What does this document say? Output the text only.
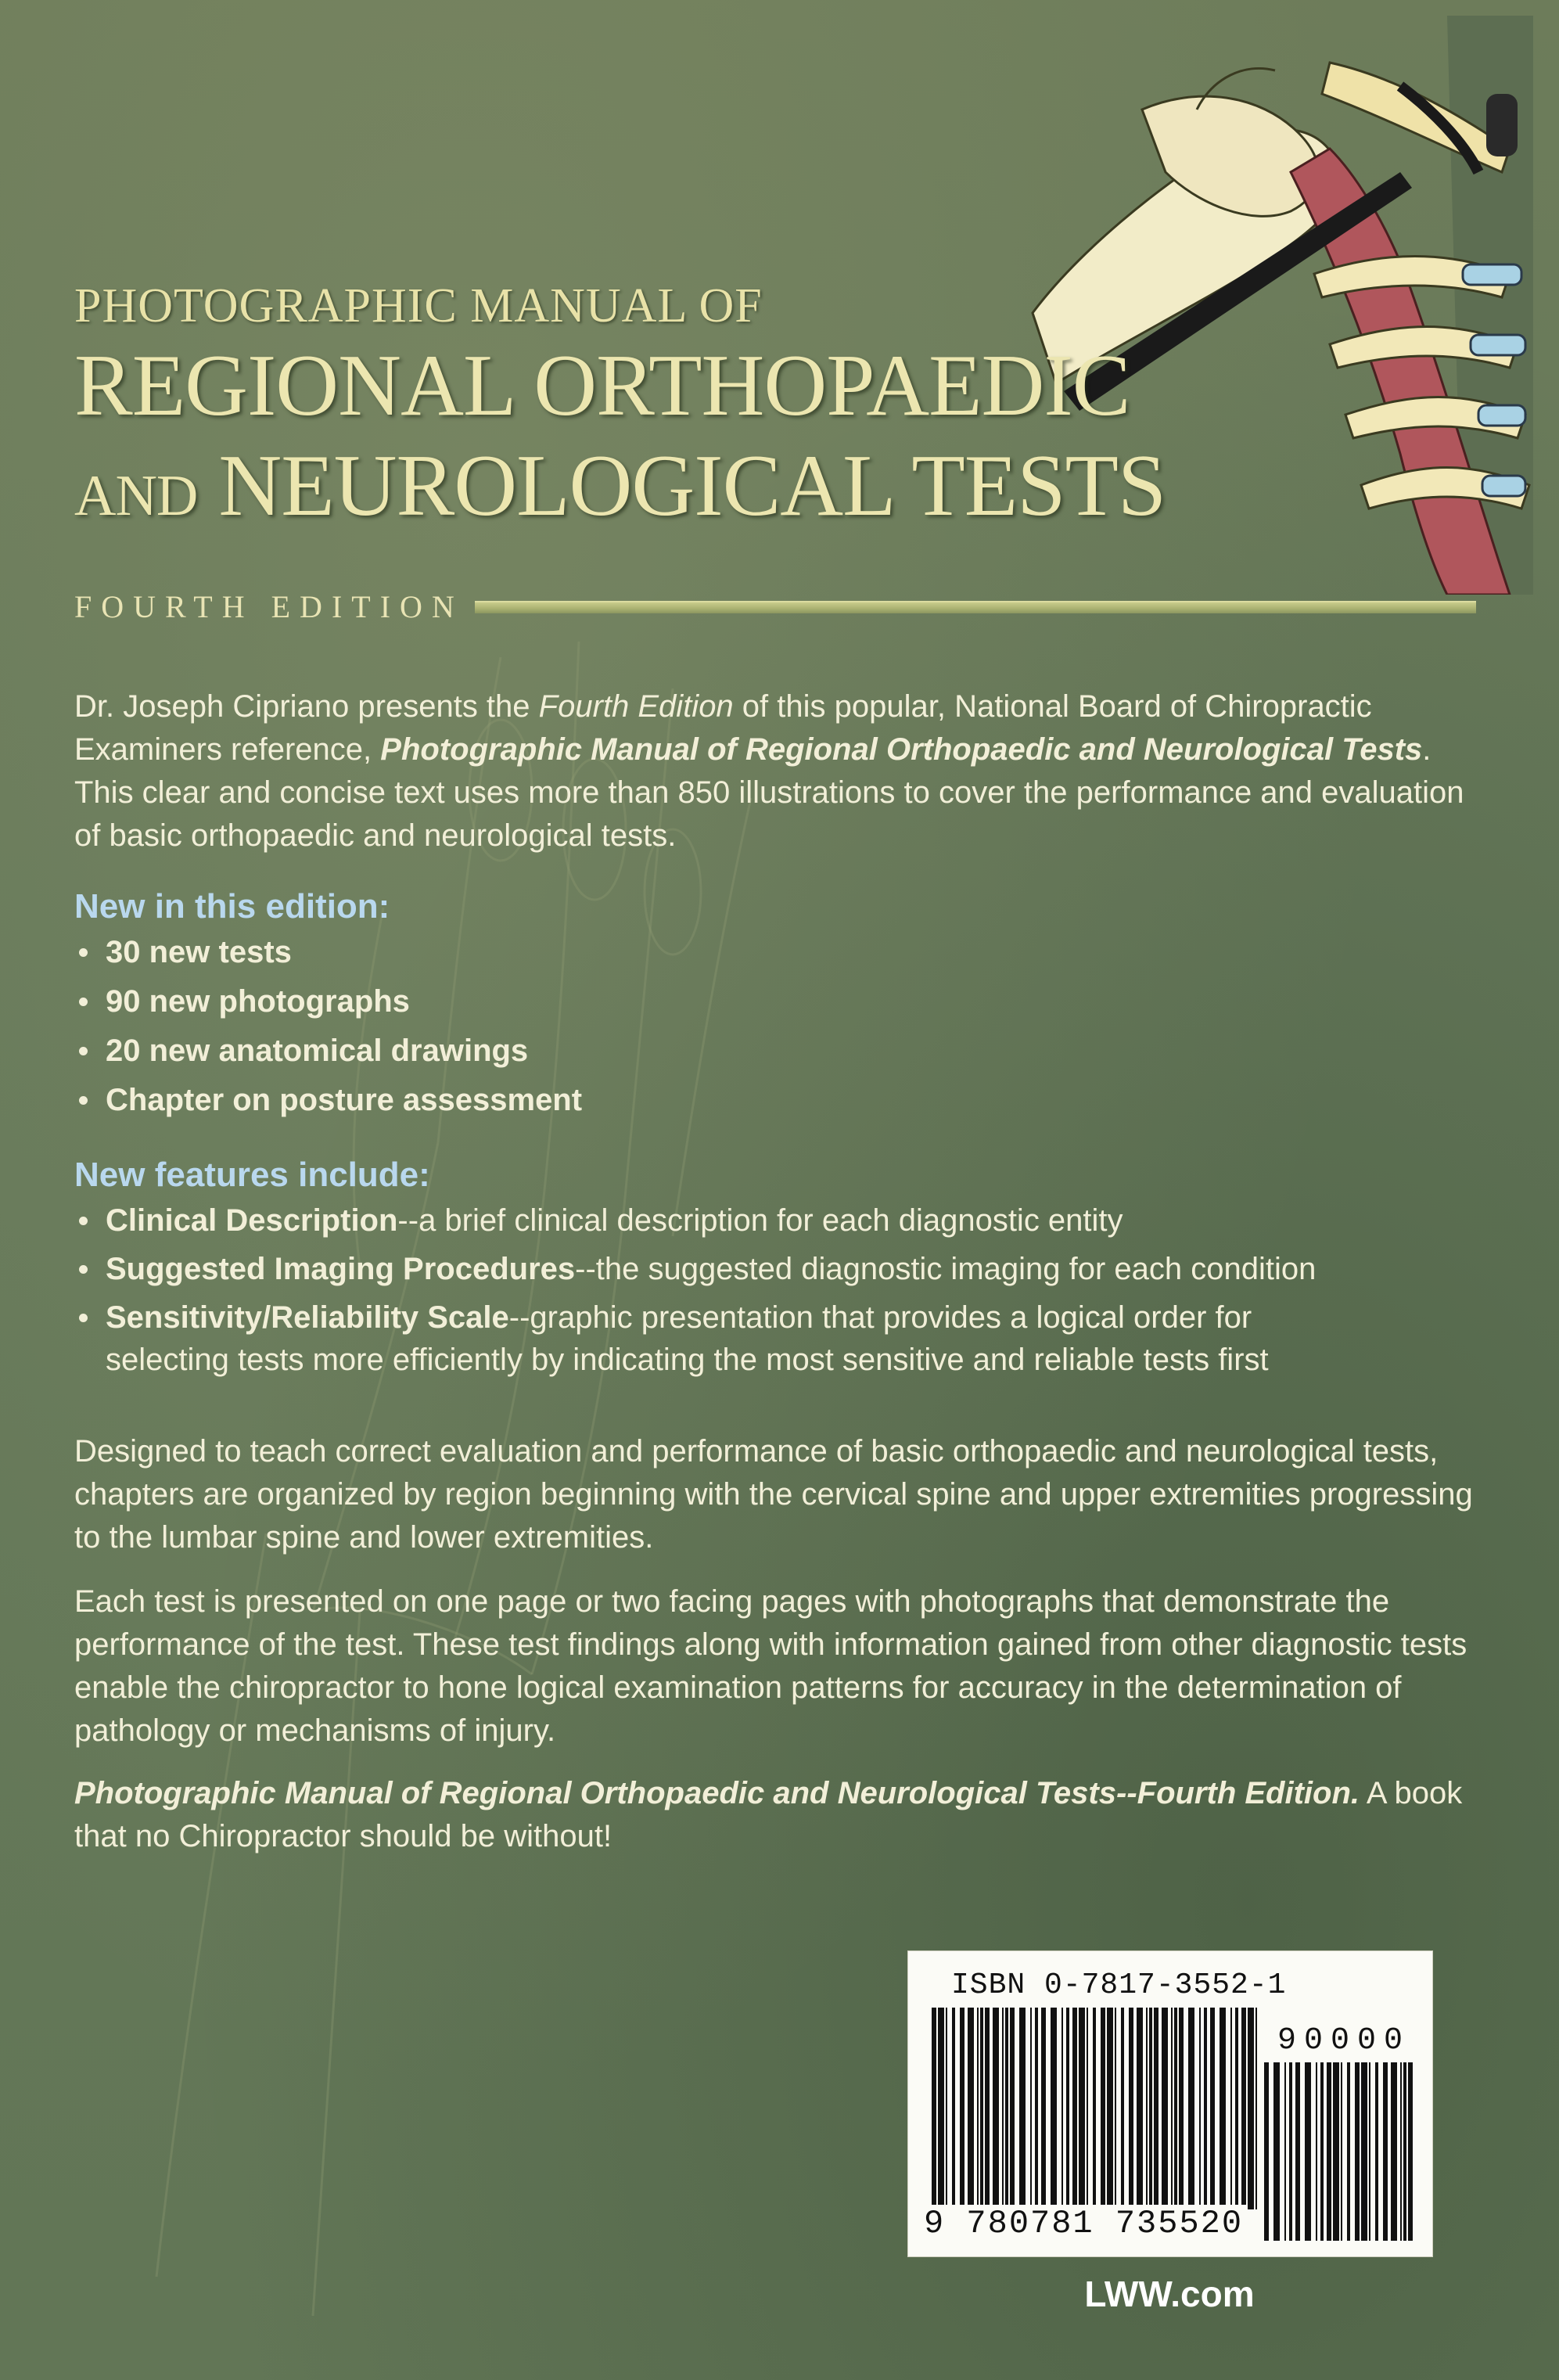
PHOTOGRAPHIC MANUAL OF
REGIONAL ORTHOPAEDIC
AND NEUROLOGICAL TESTS
FOURTH EDITION

Dr. Joseph Cipriano presents the Fourth Edition of this popular, National Board of Chiropractic Examiners reference, Photographic Manual of Regional Orthopaedic and Neurological Tests. This clear and concise text uses more than 850 illustrations to cover the performance and evaluation of basic orthopaedic and neurological tests.

New in this edition:

30 new tests
90 new photographs
20 new anatomical drawings
Chapter on posture assessment

New features include:

Clinical Description--a brief clinical description for each diagnostic entity
Suggested Imaging Procedures--the suggested diagnostic imaging for each condition
Sensitivity/Reliability Scale--graphic presentation that provides a logical order for
selecting tests more efficiently by indicating the most sensitive and reliable tests first

Designed to teach correct evaluation and performance of basic orthopaedic and neurological tests, chapters are organized by region beginning with the cervical spine and upper extremities progressing to the lumbar spine and lower extremities.

Each test is presented on one page or two facing pages with photographs that demonstrate the performance of the test. These test findings along with information gained from other diagnostic tests enable the chiropractor to hone logical examination patterns for accuracy in the determination of pathology or mechanisms of injury.

Photographic Manual of Regional Orthopaedic and Neurological Tests--Fourth Edition. A book that no Chiropractor should be without!

ISBN 0-7817-3552-1
90000
9 780781 735520
LWW.com
